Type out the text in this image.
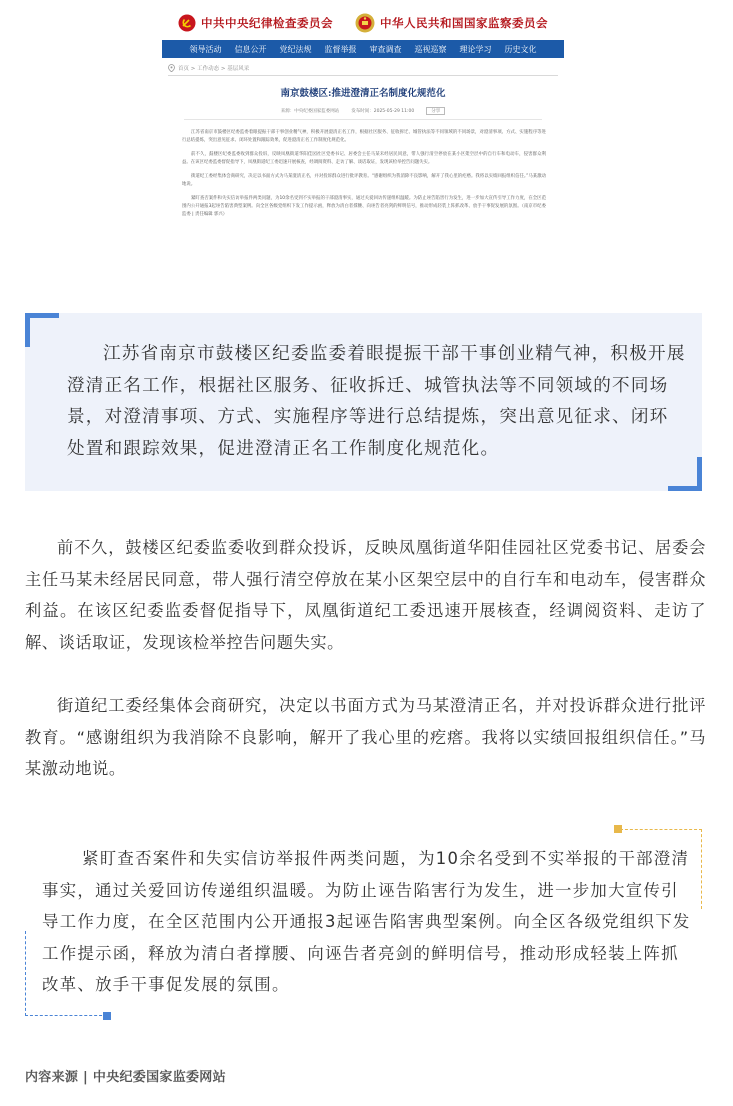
中共中央纪律检查委员会	中华人民共和国国家监察委员会
领导活动 信息公开 党纪法规 监督举报 审查调查 巡视巡察 理论学习 历史文化
首页 > 工作动态 > 基层风采
南京鼓楼区:推进澄清正名制度化规范化
来源：中央纪委国家监委网站	发布时间：2025-05-29 11:00	分享

江苏省南京市鼓楼区纪委监委着眼提振干部干事创业精气神，积极开展澄清正名工作，根据社区服务、征收拆迁、城管执法等不同领域的不同场景，对澄清事项、方式、实施程序等进行总结提炼，突出意见征求、闭环处置和跟踪效果，促进澄清正名工作制度化规范化。

前不久，鼓楼区纪委监委收到群众投诉，反映凤凰街道华阳佳园社区党委书记、居委会主任马某未经居民同意，带人强行清空停放在某小区架空层中的自行车和电动车，侵害群众利益。在该区纪委监委督促指导下，凤凰街道纪工委迅速开展核查，经调阅资料、走访了解、谈话取证，发现该检举控告问题失实。

街道纪工委经集体会商研究，决定以书面方式为马某澄清正名，并对投诉群众进行批评教育。“感谢组织为我消除不良影响，解开了我心里的疙瘩。我将以实绩回报组织信任。”马某激动地说。

紧盯查否案件和失实信访举报件两类问题，为10余名受到不实举报的干部澄清事实，通过关爱回访传递组织温暖。为防止诬告陷害行为发生，进一步加大宣传引导工作力度，在全区范围内公开通报3起诬告陷害典型案例。向全区各级党组织下发工作提示函，释放为清白者撑腰、向诬告者亮剑的鲜明信号，推动形成轻装上阵抓改革、放手干事促发展的氛围。（南京市纪委监委 | 责任编辑 郭兴）

江苏省南京市鼓楼区纪委监委着眼提振干部干事创业精气神，积极开展澄清正名工作，根据社区服务、征收拆迁、城管执法等不同领域的不同场景，对澄清事项、方式、实施程序等进行总结提炼，突出意见征求、闭环处置和跟踪效果，促进澄清正名工作制度化规范化。

前不久，鼓楼区纪委监委收到群众投诉，反映凤凰街道华阳佳园社区党委书记、居委会主任马某未经居民同意，带人强行清空停放在某小区架空层中的自行车和电动车，侵害群众利益。在该区纪委监委督促指导下，凤凰街道纪工委迅速开展核查，经调阅资料、走访了解、谈话取证，发现该检举控告问题失实。

街道纪工委经集体会商研究，决定以书面方式为马某澄清正名，并对投诉群众进行批评教育。“感谢组织为我消除不良影响，解开了我心里的疙瘩。我将以实绩回报组织信任。”马某激动地说。

紧盯查否案件和失实信访举报件两类问题，为10余名受到不实举报的干部澄清事实，通过关爱回访传递组织温暖。为防止诬告陷害行为发生，进一步加大宣传引导工作力度，在全区范围内公开通报3起诬告陷害典型案例。向全区各级党组织下发工作提示函，释放为清白者撑腰、向诬告者亮剑的鲜明信号，推动形成轻装上阵抓改革、放手干事促发展的氛围。

内容来源 | 中央纪委国家监委网站
